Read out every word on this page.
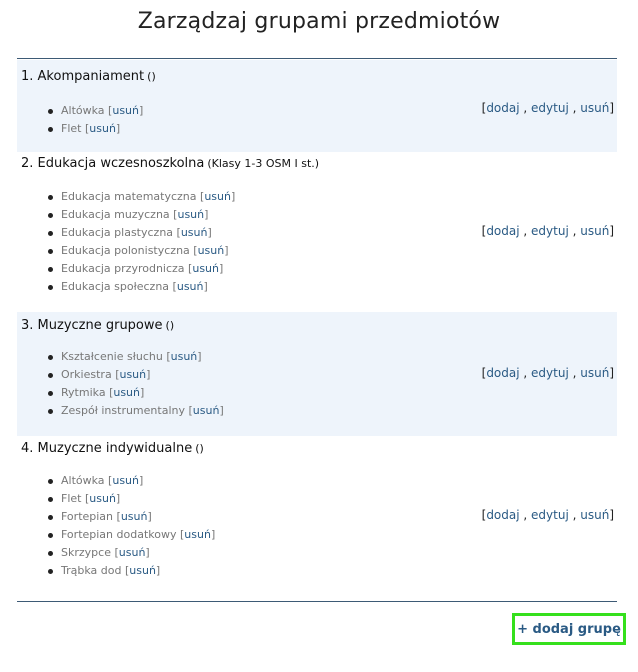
Zarządzaj grupami przedmiotów
1. Akompaniament ()
Altówka [usuń]
Flet [usuń]
[dodaj , edytuj , usuń]
2. Edukacja wczesnoszkolna (Klasy 1-3 OSM I st.)
Edukacja matematyczna [usuń]
Edukacja muzyczna [usuń]
Edukacja plastyczna [usuń]
Edukacja polonistyczna [usuń]
Edukacja przyrodnicza [usuń]
Edukacja społeczna [usuń]
[dodaj , edytuj , usuń]
3. Muzyczne grupowe ()
Kształcenie słuchu [usuń]
Orkiestra [usuń]
Rytmika [usuń]
Zespół instrumentalny [usuń]
[dodaj , edytuj , usuń]
4. Muzyczne indywidualne ()
Altówka [usuń]
Flet [usuń]
Fortepian [usuń]
Fortepian dodatkowy [usuń]
Skrzypce [usuń]
Trąbka dod [usuń]
[dodaj , edytuj , usuń]
+ dodaj grupę
